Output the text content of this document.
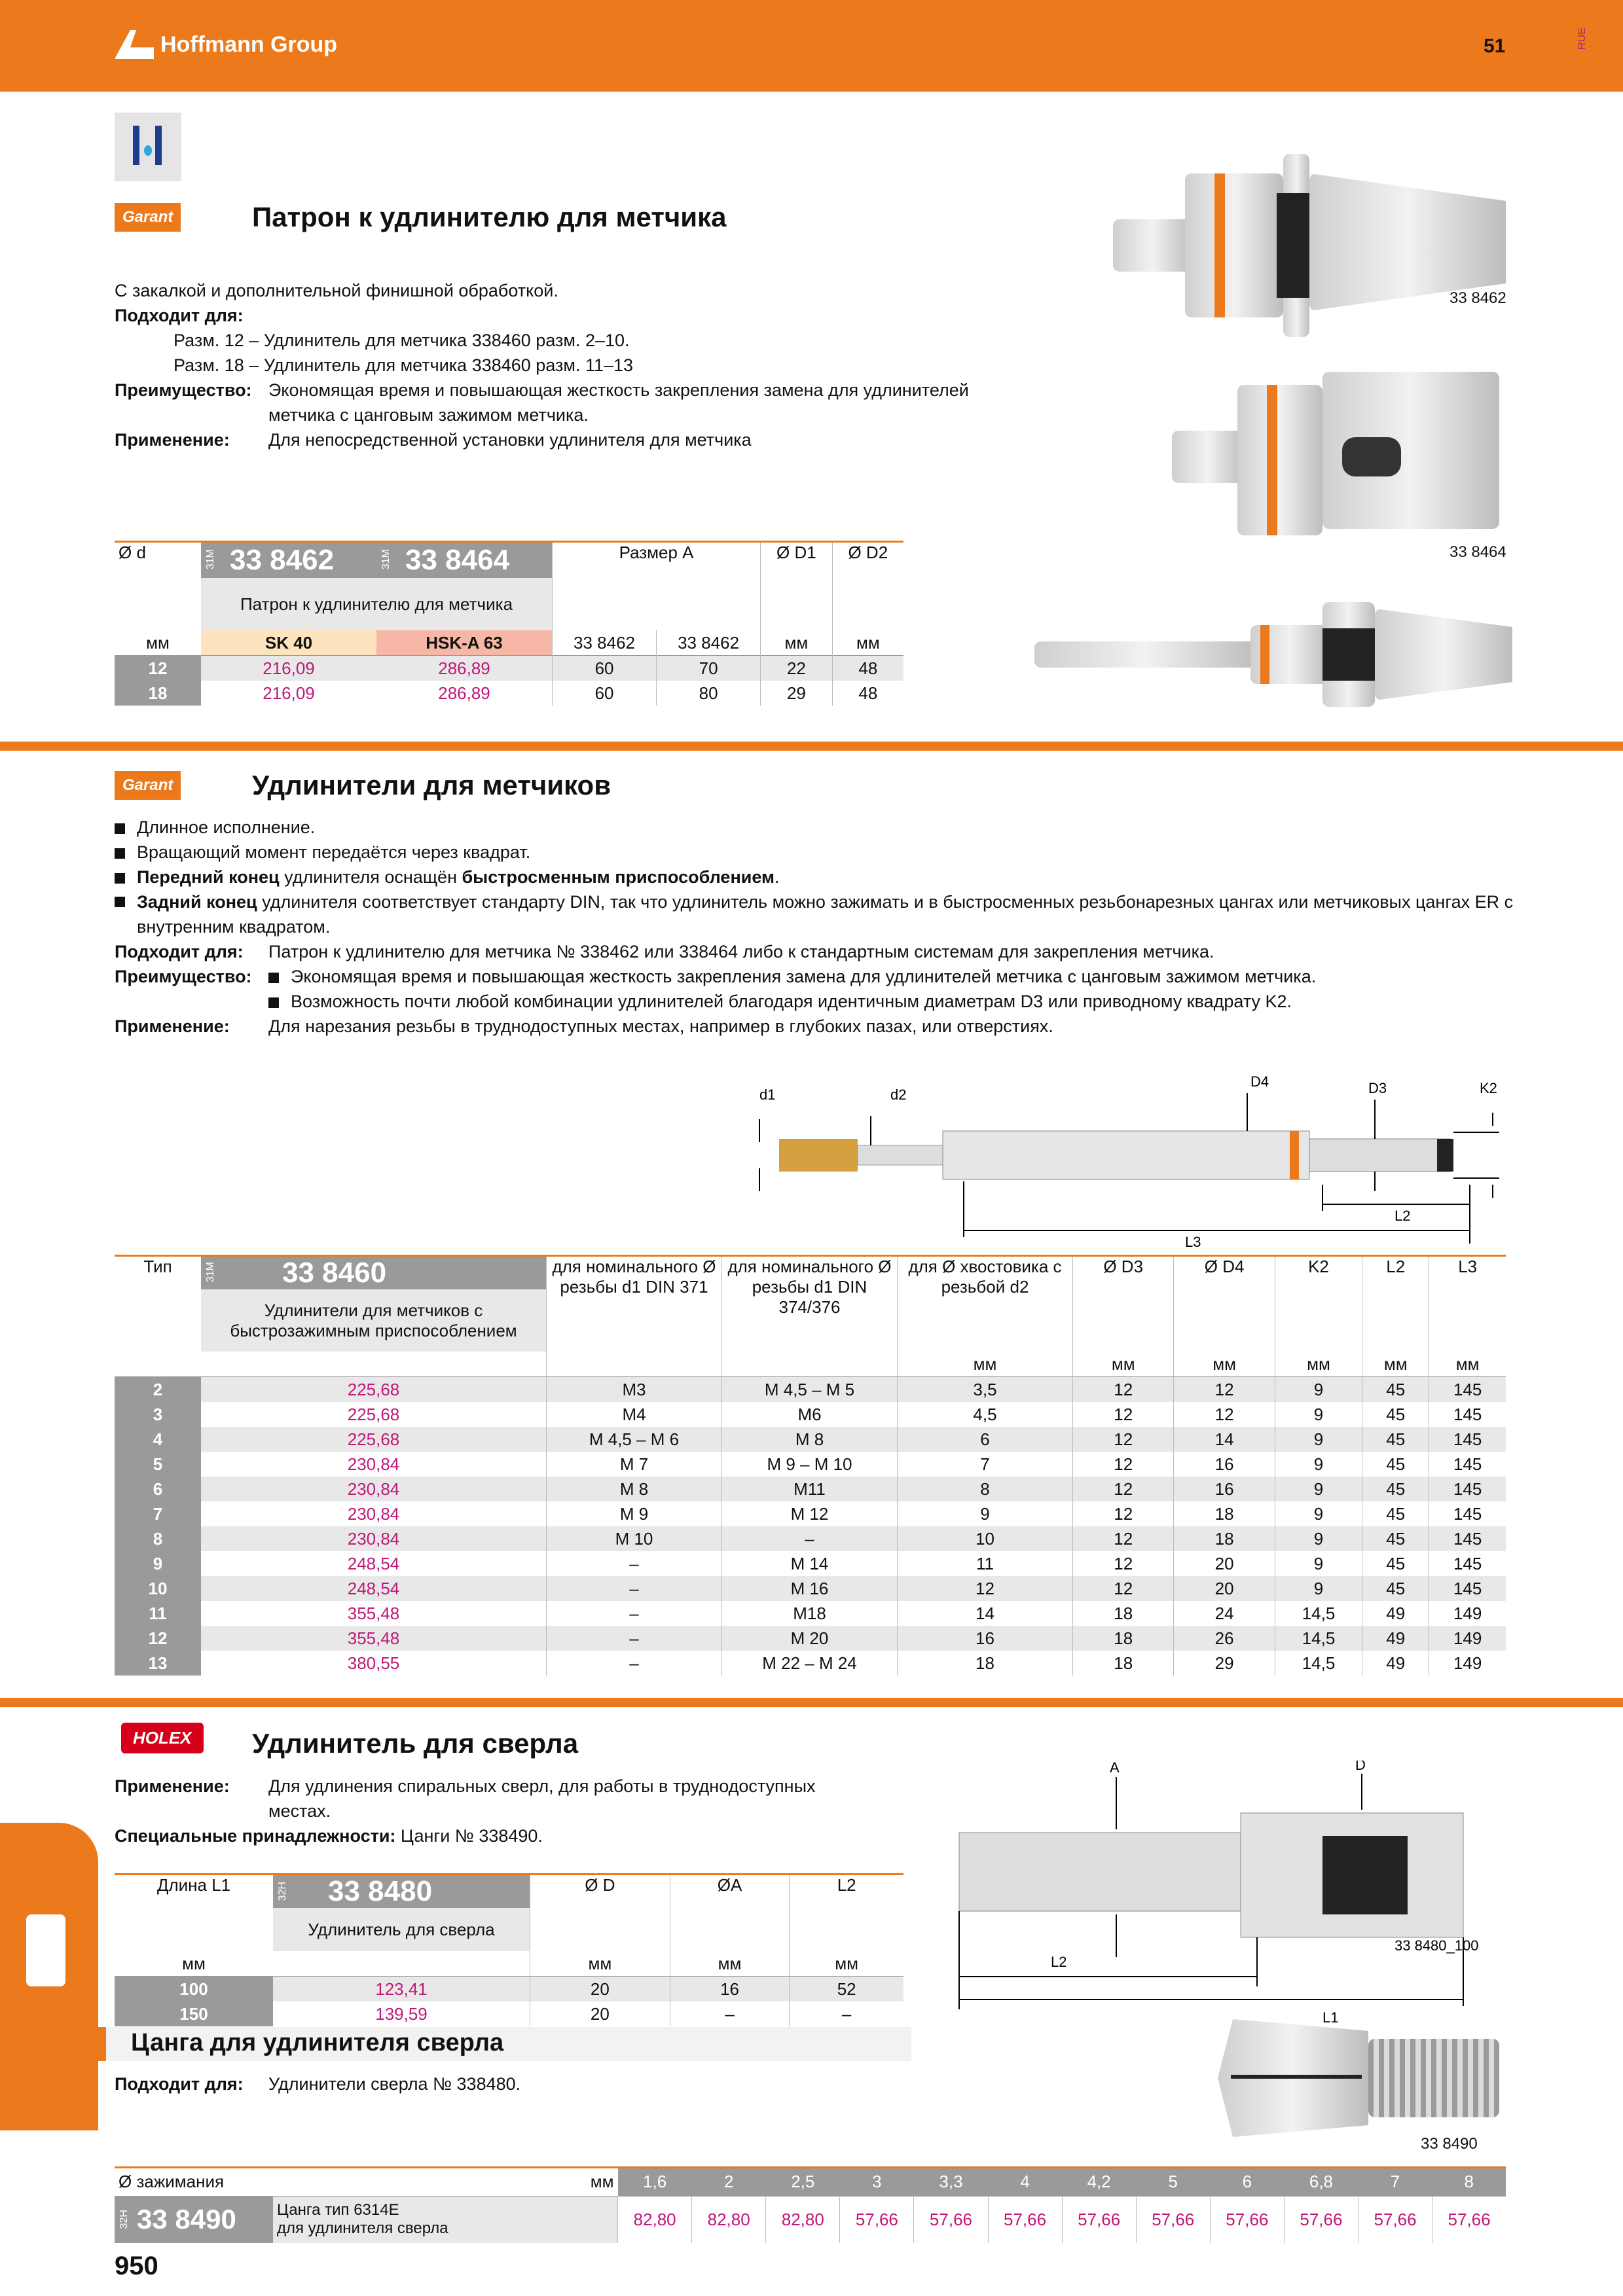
Hoffmann Group	51	RUE
Garant	Патрон к удлинителю для метчика
С закалкой и дополнительной финишной обработкой.
Подходит для:
Разм. 12 – Удлинитель для метчика 338460 разм. 2–10.
Разм. 18 – Удлинитель для метчика 338460 разм. 11–13
Преимущество: Экономящая время и повышающая жесткость закрепления замена для удлинителей метчика с цанговым зажимом метчика.
Применение:	Для непосредственной установки удлинителя для метчика
33 8462
33 8464
Ø d	31M 33 8462	31M 33 8464	Размер A		Ø D1	Ø D2
	Патрон к удлинителю для метчика					
мм	SK 40	HSK-A 63	33 8462	33 8462	мм	мм
12	216,09	286,89	60	70	22	48
18	216,09	286,89	60	80	29	48
Garant	Удлинители для метчиков
Длинное исполнение.
Вращающий момент передаётся через квадрат.
Передний конец удлинителя оснащён быстросменным приспособлением.
Задний конец удлинителя соответствует стандарту DIN, так что удлинитель можно зажимать и в быстросменных резьбонарезных цангах или метчиковых цангах ER с внутренним квадратом.
Подходит для:	Патрон к удлинителю для метчика № 338462 или 338464 либо к стандартным системам для закрепления метчика.
Преимущество:	Экономящая время и повышающая жесткость закрепления замена для удлинителей метчика с цанговым зажимом метчика.
Возможность почти любой комбинации удлинителей благодаря идентичным диаметрам D3 или приводному квадрату K2.
Применение:	Для нарезания резьбы в труднодоступных местах, например в глубоких пазах, или отверстиях.
d1	d2
D4	D3	K2
L2
L3
Тип	31M 33 8460	для номинального Ø резьбы d1 DIN 371	для номинального Ø резьбы d1 DIN 374/376	для Ø хвостовика с резьбой d2	Ø D3	Ø D4	K2	L2	L3
	Удлинители для метчиков с быстрозажимным приспособлением								
				мм	мм	мм	мм	мм	мм
2	225,68	M3	M 4,5 – M 5	3,5	12	12	9	45	145
3	225,68	M4	M6	4,5	12	12	9	45	145
4	225,68	M 4,5 – M 6	M 8	6	12	14	9	45	145
5	230,84	M 7	M 9 – M 10	7	12	16	9	45	145
6	230,84	M 8	M11	8	12	16	9	45	145
7	230,84	M 9	M 12	9	12	18	9	45	145
8	230,84	M 10	–	10	12	18	9	45	145
9	248,54	–	M 14	11	12	20	9	45	145
10	248,54	–	M 16	12	12	20	9	45	145
11	355,48	–	M18	14	18	24	14,5	49	149
12	355,48	–	M 20	16	18	26	14,5	49	149
13	380,55	–	M 22 – M 24	18	18	29	14,5	49	149
HOLEX	Удлинитель для сверла
Применение:	Для удлинения спиральных сверл, для работы в труднодоступных местах.
Специальные принадлежности: Цанги № 338490.
A	D
L2
L1
33 8480_100
Длина L1	32H 33 8480	Ø D	ØA	L2
	Удлинитель для сверла			
мм		мм	мм	мм
100	123,41	20	16	52
150	139,59	20	–	–
Цанга для удлинителя сверла
Подходит для: Удлинители сверла № 338480.
33 8490
Ø зажимания		мм	1,6	2	2,5	3	3,3	4	4,2	5	6	6,8	7	8
32H 33 8490	Цанга тип 6314E
для удлинителя сверла		82,80	82,80	82,80	57,66	57,66	57,66	57,66	57,66	57,66	57,66	57,66	57,66
950
